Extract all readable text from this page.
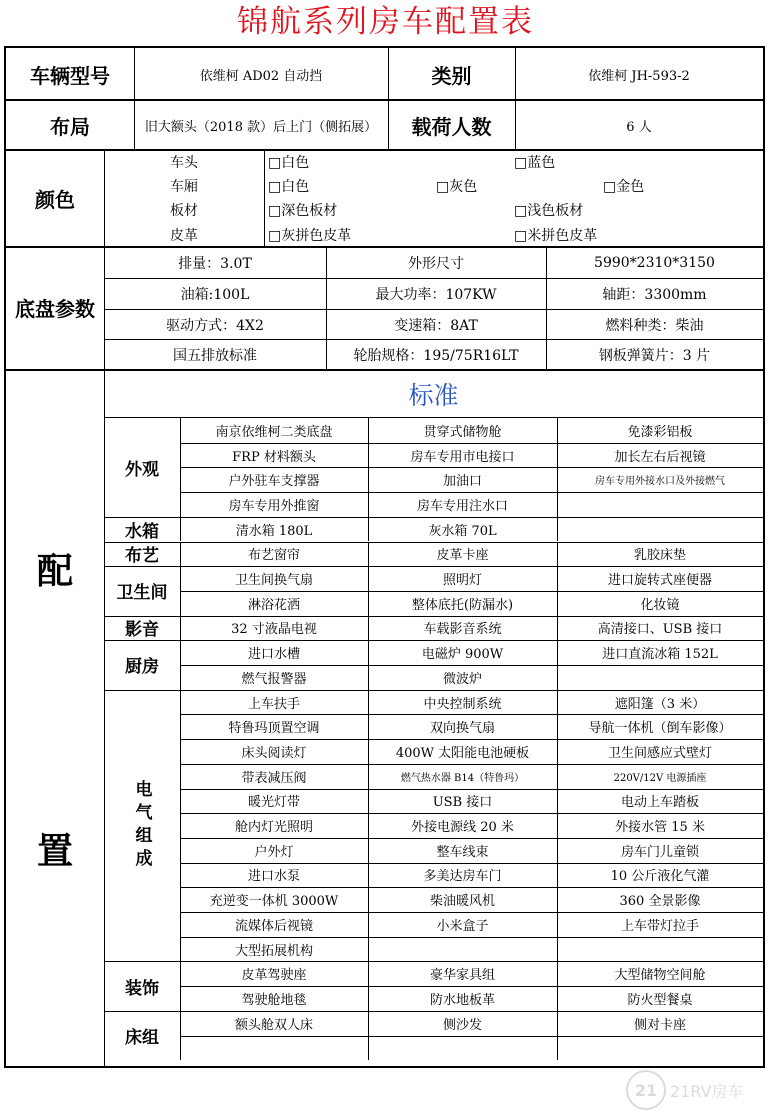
锦航系列房车配置表
车辆型号	依维柯 AD02 自动挡	类别	依维柯 JH-593-2
布局	旧大额头（2018 款）后上门（侧拓展）	载荷人数	6 人
颜色
车头	□白色	□蓝色
车厢	□白色	□灰色	□金色
板材	□深色板材	□浅色板材
皮革	□灰拼色皮革	□米拼色皮革
底盘参数
排量：3.0T	外形尺寸	5990*2310*3150
油箱:100L	最大功率：107KW	轴距：3300mm
驱动方式：4X2	变速箱：8AT	燃料种类：柴油
国五排放标准	轮胎规格：195/75R16LT	钢板弹簧片：3 片
配
置
标准
外观
南京依维柯二类底盘	贯穿式储物舱	免漆彩铝板
FRP 材料额头	房车专用市电接口	加长左右后视镜
户外驻车支撑器	加油口	房车专用外接水口及外接燃气
房车专用外推窗	房车专用注水口
水箱	清水箱 180L	灰水箱 70L
布艺	布艺窗帘	皮革卡座	乳胶床垫
卫生间
卫生间换气扇	照明灯	进口旋转式座便器
淋浴花洒	整体底托(防漏水)	化妆镜
影音	32 寸液晶电视	车载影音系统	高清接口、USB 接口
厨房
进口水槽	电磁炉 900W	进口直流冰箱 152L
燃气报警器	微波炉
电气组成
上车扶手	中央控制系统	遮阳篷（3 米）
特鲁玛顶置空调	双向换气扇	导航一体机（倒车影像）
床头阅读灯	400W 太阳能电池硬板	卫生间感应式壁灯
带表减压阀	燃气热水器 B14（特鲁玛）	220V/12V 电源插座
暖光灯带	USB 接口	电动上车踏板
舱内灯光照明	外接电源线 20 米	外接水管 15 米
户外灯	整车线束	房车门儿童锁
进口水泵	多美达房车门	10 公斤液化气灌
充逆变一体机 3000W	柴油暖风机	360 全景影像
流媒体后视镜	小米盒子	上车带灯拉手
大型拓展机构
装饰
皮革驾驶座	豪华家具组	大型储物空间舱
驾驶舱地毯	防水地板革	防火型餐桌
床组
额头舱双人床	侧沙发	侧对卡座
21 21RV房车
